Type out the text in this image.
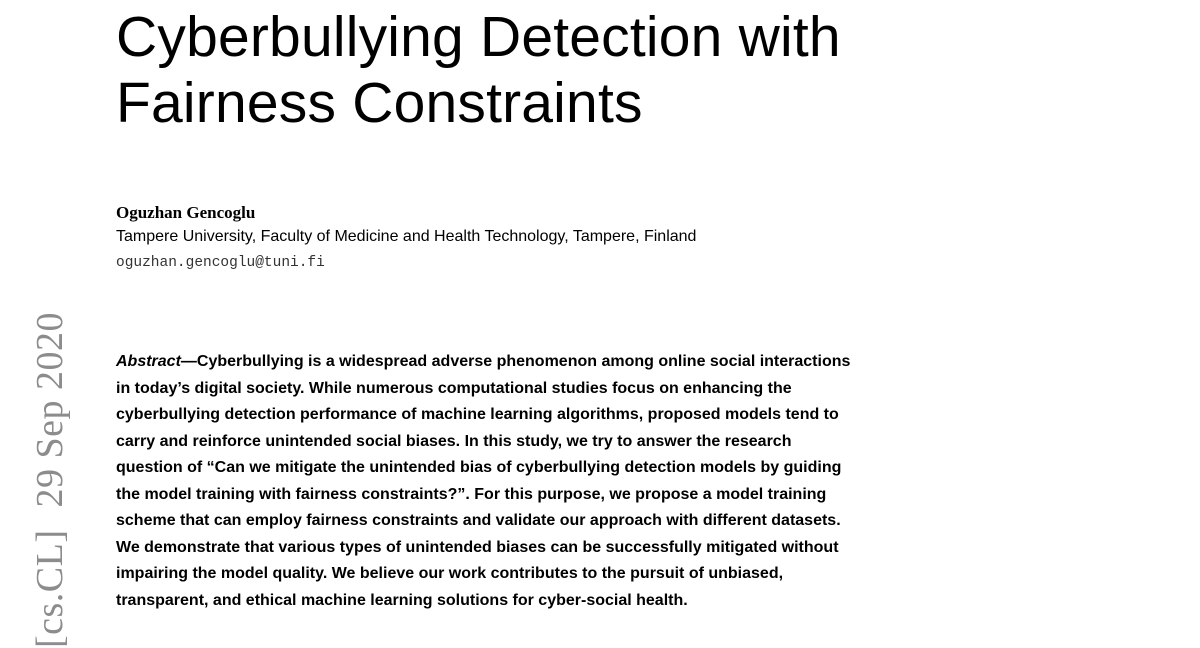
Cyberbullying Detection with
Fairness Constraints
Oguzhan Gencoglu
Tampere University, Faculty of Medicine and Health Technology, Tampere, Finland
oguzhan.gencoglu@tuni.fi
[cs.CL]29 Sep 2020	Abstract—Cyberbullying is a widespread adverse phenomenon among online social interactions
in today’s digital society. While numerous computational studies focus on enhancing the
cyberbullying detection performance of machine learning algorithms, proposed models tend to
carry and reinforce unintended social biases. In this study, we try to answer the research
question of “Can we mitigate the unintended bias of cyberbullying detection models by guiding
the model training with fairness constraints?”. For this purpose, we propose a model training
scheme that can employ fairness constraints and validate our approach with different datasets.
We demonstrate that various types of unintended biases can be successfully mitigated without
impairing the model quality. We believe our work contributes to the pursuit of unbiased,
transparent, and ethical machine learning solutions for cyber-social health.
